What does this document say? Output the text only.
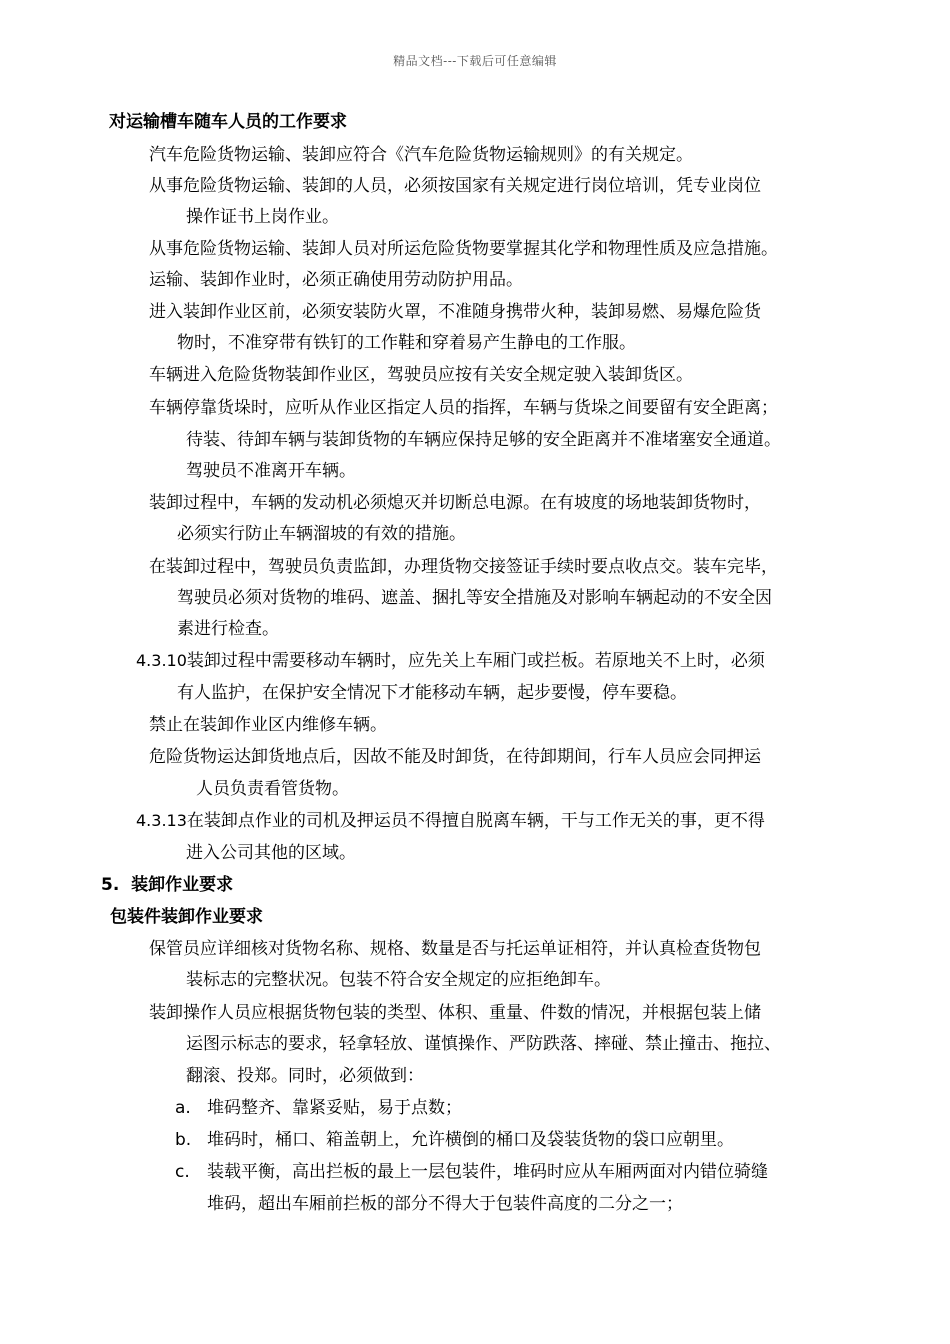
精品文档---下载后可任意编辑
对运输槽车随车人员的工作要求
汽车危险货物运输、装卸应符合《汽车危险货物运输规则》的有关规定。
从事危险货物运输、装卸的人员，必须按国家有关规定进行岗位培训，凭专业岗位
操作证书上岗作业。
从事危险货物运输、装卸人员对所运危险货物要掌握其化学和物理性质及应急措施。
运输、装卸作业时，必须正确使用劳动防护用品。
进入装卸作业区前，必须安装防火罩，不准随身携带火种，装卸易燃、易爆危险货
物时，不准穿带有铁钉的工作鞋和穿着易产生静电的工作服。
车辆进入危险货物装卸作业区，驾驶员应按有关安全规定驶入装卸货区。
车辆停靠货垛时，应听从作业区指定人员的指挥，车辆与货垛之间要留有安全距离；
待装、待卸车辆与装卸货物的车辆应保持足够的安全距离并不准堵塞安全通道。
驾驶员不准离开车辆。
装卸过程中，车辆的发动机必须熄灭并切断总电源。在有坡度的场地装卸货物时，
必须实行防止车辆溜坡的有效的措施。
在装卸过程中，驾驶员负责监卸，办理货物交接签证手续时要点收点交。装车完毕，
驾驶员必须对货物的堆码、遮盖、捆扎等安全措施及对影响车辆起动的不安全因
素进行检查。
4.3.10装卸过程中需要移动车辆时，应先关上车厢门或拦板。若原地关不上时，必须
有人监护，在保护安全情况下才能移动车辆，起步要慢，停车要稳。
禁止在装卸作业区内维修车辆。
危险货物运达卸货地点后，因故不能及时卸货，在待卸期间，行车人员应会同押运
人员负责看管货物。
4.3.13在装卸点作业的司机及押运员不得擅自脱离车辆，干与工作无关的事，更不得
进入公司其他的区域。
5. 装卸作业要求
包装件装卸作业要求
保管员应详细核对货物名称、规格、数量是否与托运单证相符，并认真检查货物包
装标志的完整状况。包装不符合安全规定的应拒绝卸车。
装卸操作人员应根据货物包装的类型、体积、重量、件数的情况，并根据包装上储
运图示标志的要求，轻拿轻放、谨慎操作、严防跌落、摔碰、禁止撞击、拖拉、
翻滚、投郑。同时，必须做到：
a. 堆码整齐、靠紧妥贴，易于点数；
b. 堆码时，桶口、箱盖朝上，允许横倒的桶口及袋装货物的袋口应朝里。
c. 装载平衡，高出拦板的最上一层包装件，堆码时应从车厢两面对内错位骑缝
堆码，超出车厢前拦板的部分不得大于包装件高度的二分之一；
